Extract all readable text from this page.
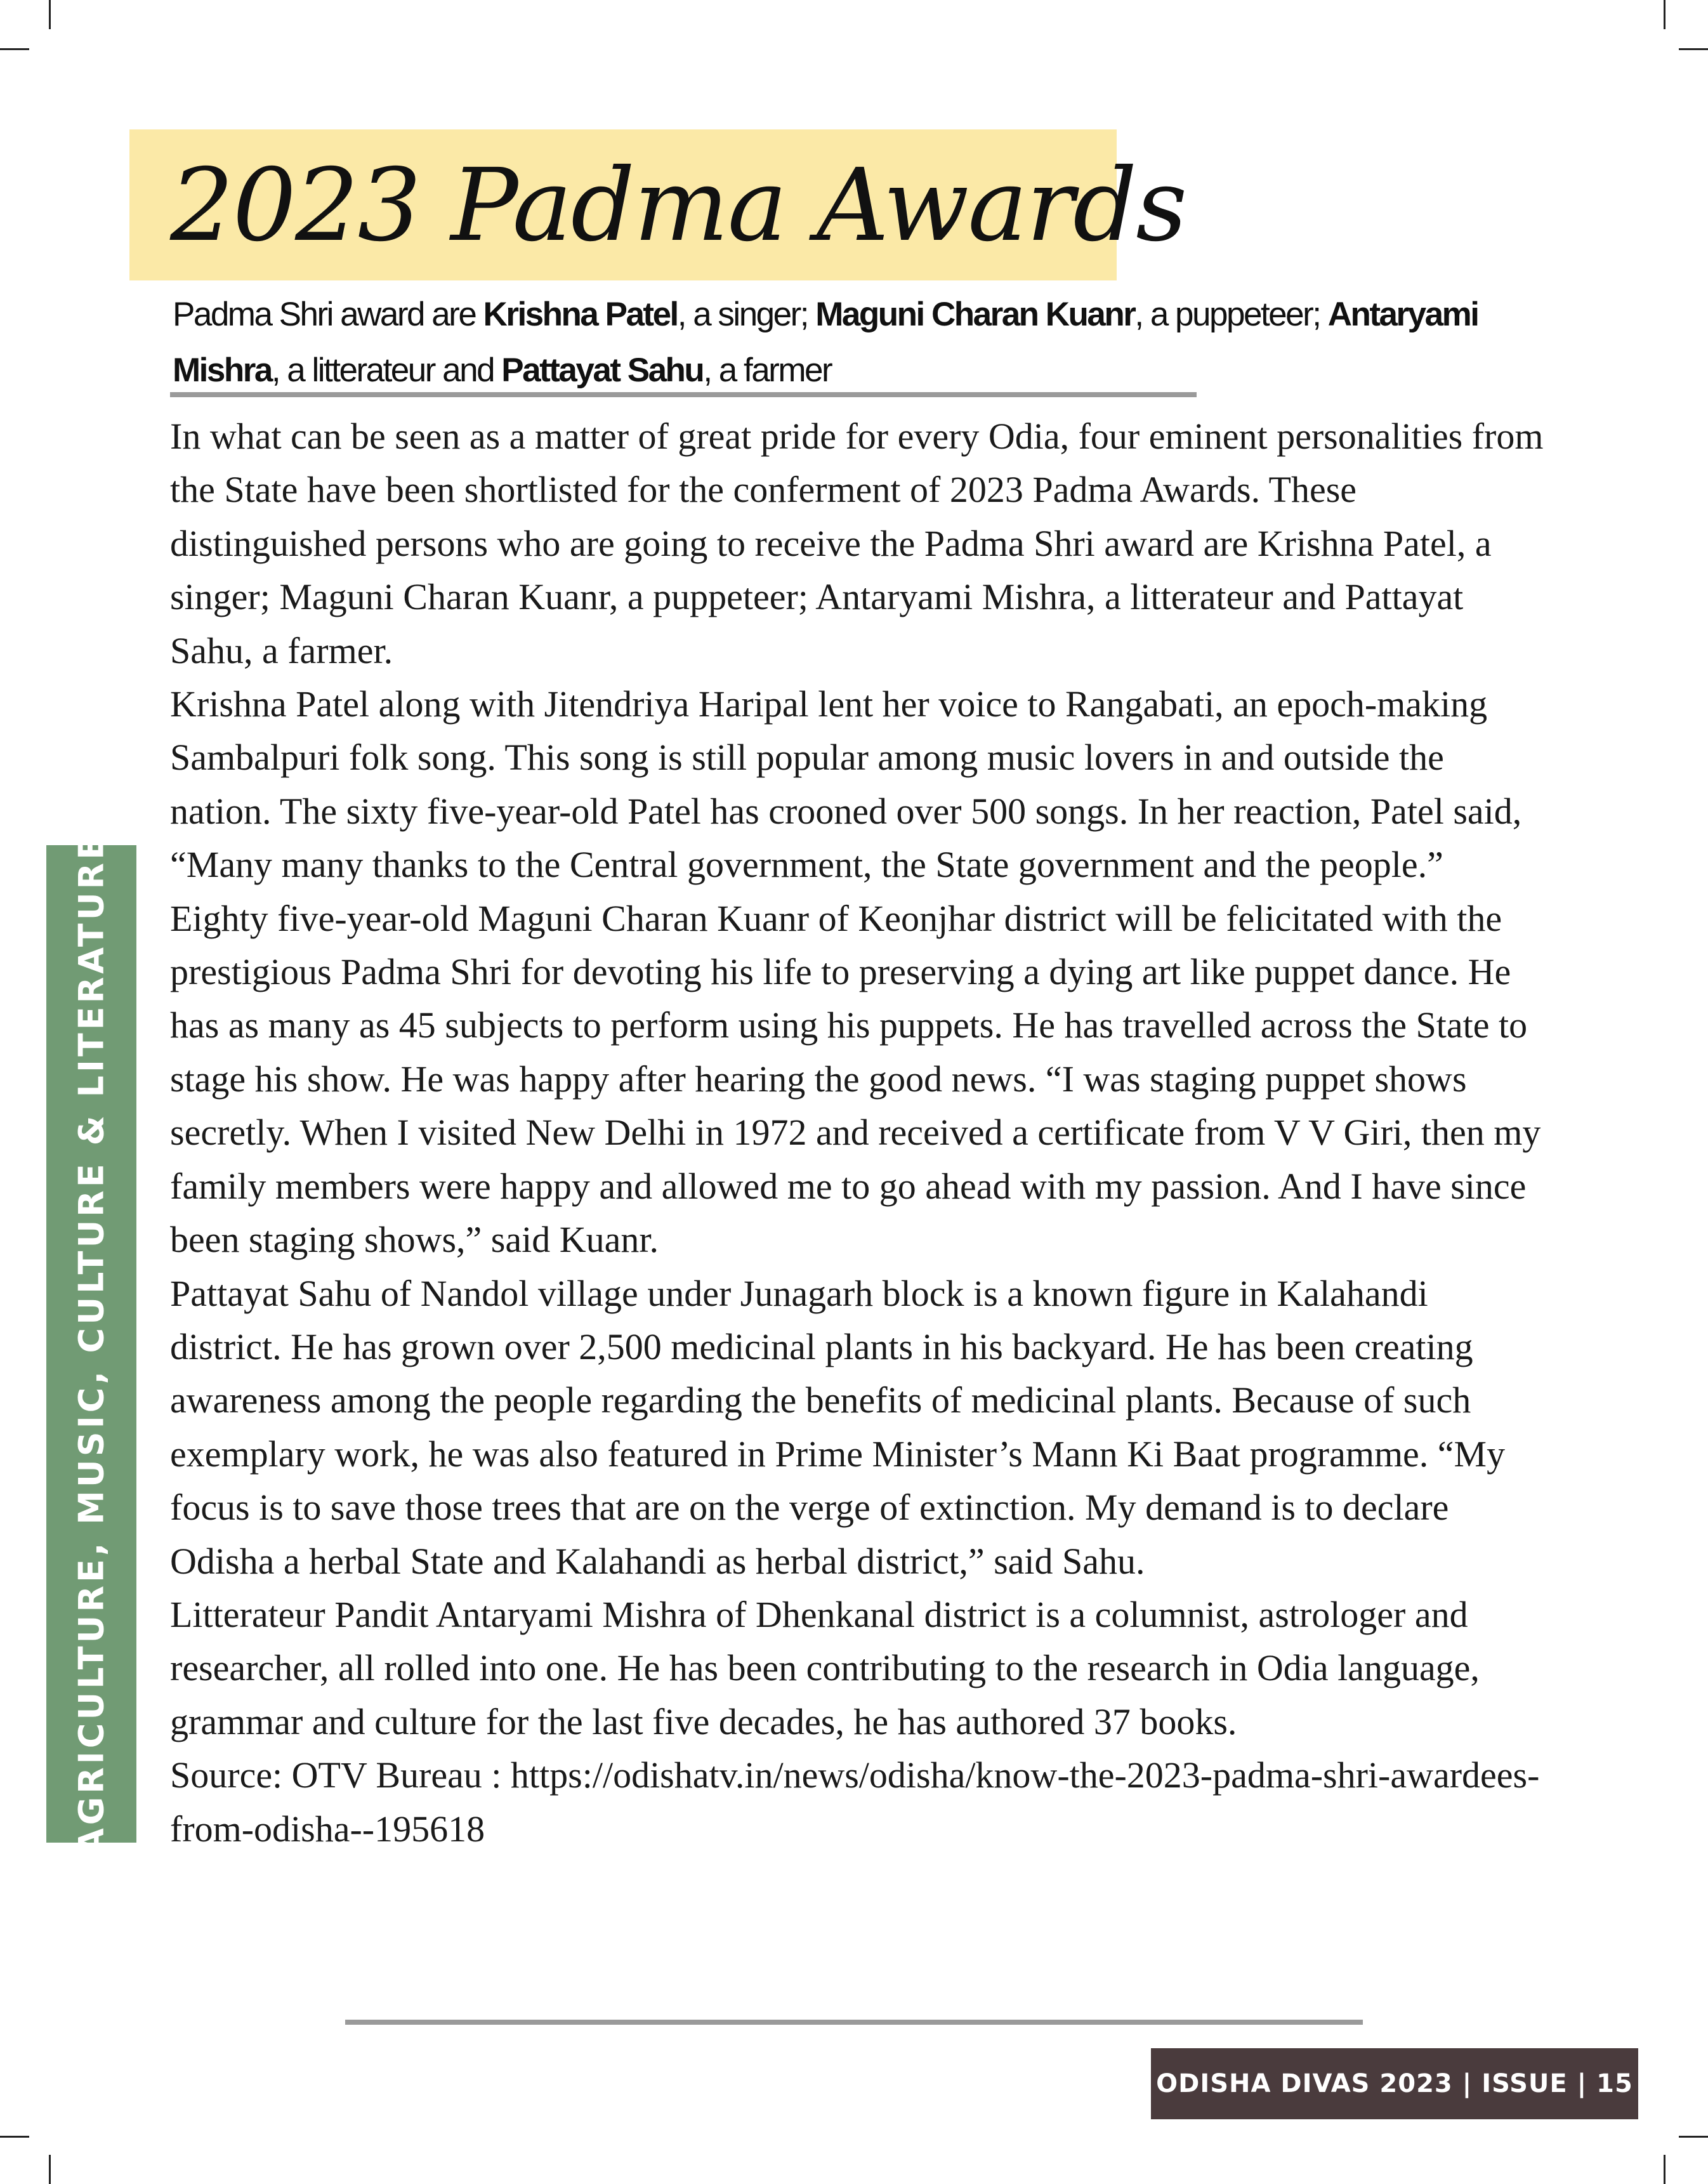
2023 Padma Awards

Padma Shri award are Krishna Patel, a singer; Maguni Charan Kuanr, a puppeteer; Antaryami Mishra, a litterateur and Pattayat Sahu, a farmer

In what can be seen as a matter of great pride for every Odia, four eminent personalities from the State have been shortlisted for the conferment of 2023 Padma Awards. These distinguished persons who are going to receive the Padma Shri award are Krishna Patel, a singer; Maguni Charan Kuanr, a puppeteer; Antaryami Mishra, a litterateur and Pattayat Sahu, a farmer.

Krishna Patel along with Jitendriya Haripal lent her voice to Rangabati, an epoch-making Sambalpuri folk song. This song is still popular among music lovers in and outside the nation. The sixty five-year-old Patel has crooned over 500 songs. In her reaction, Patel said, “Many many thanks to the Central government, the State government and the people.”

Eighty five-year-old Maguni Charan Kuanr of Keonjhar district will be felicitated with the prestigious Padma Shri for devoting his life to preserving a dying art like puppet dance. He has as many as 45 subjects to perform using his puppets. He has travelled across the State to stage his show. He was happy after hearing the good news. “I was staging puppet shows secretly. When I visited New Delhi in 1972 and received a certificate from V V Giri, then my family members were happy and allowed me to go ahead with my passion. And I have since been staging shows,” said Kuanr.

Pattayat Sahu of Nandol village under Junagarh block is a known figure in Kalahandi district. He has grown over 2,500 medicinal plants in his backyard. He has been creating awareness among the people regarding the benefits of medicinal plants. Because of such exemplary work, he was also featured in Prime Minister’s Mann Ki Baat programme. “My focus is to save those trees that are on the verge of extinction. My demand is to declare Odisha a herbal State and Kalahandi as herbal district,” said Sahu.

Litterateur Pandit Antaryami Mishra of Dhenkanal district is a columnist, astrologer and researcher, all rolled into one. He has been contributing to the research in Odia language, grammar and culture for the last five decades, he has authored 37 books.

Source: OTV Bureau : https://odishatv.in/news/odisha/know-the-2023-padma-shri-awardees-from-odisha--195618

AGRICULTURE, MUSIC, CULTURE & LITERATURE
ODISHA DIVAS 2023 | ISSUE | 15
